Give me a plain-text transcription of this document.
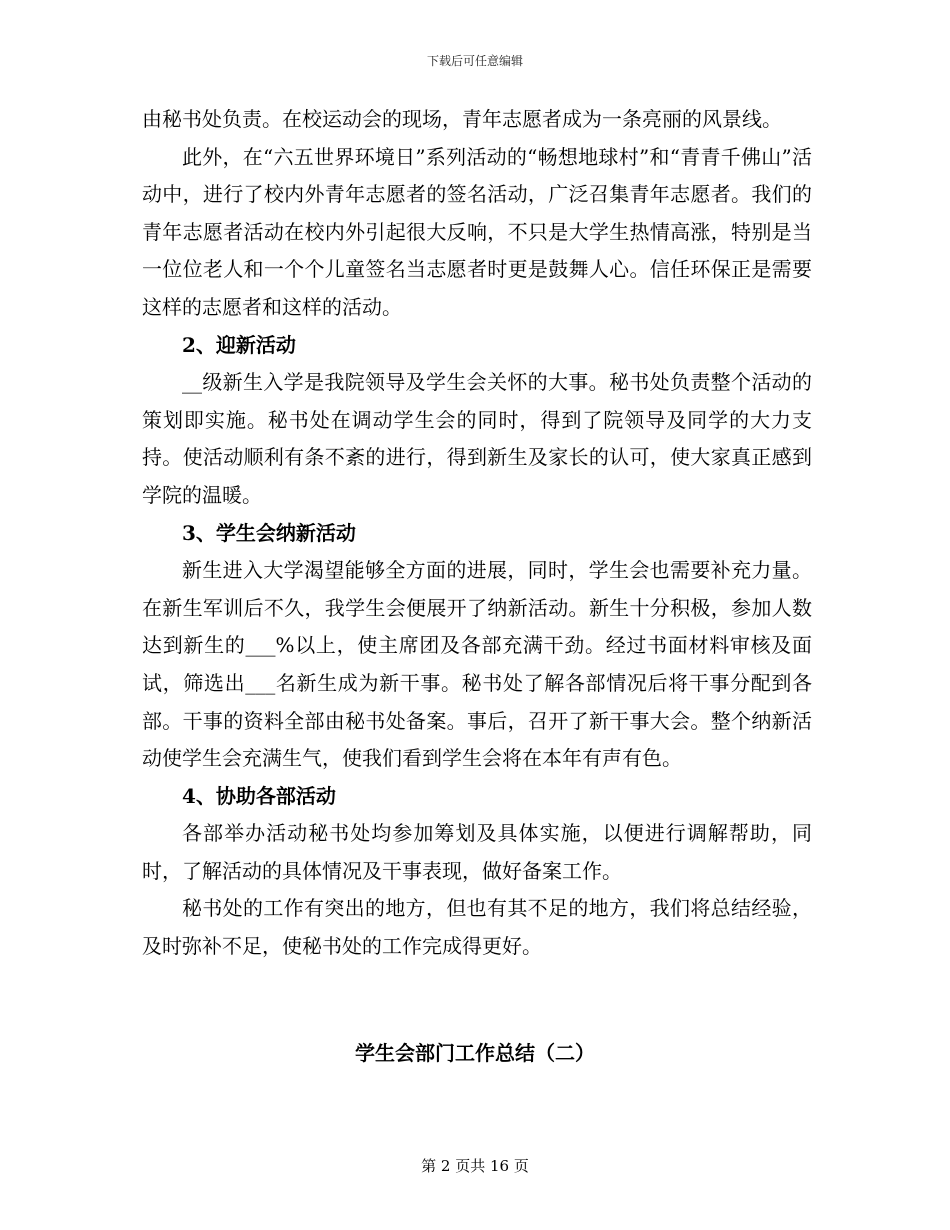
下载后可任意编辑

由秘书处负责。在校运动会的现场，青年志愿者成为一条亮丽的风景线。

此外，在“六五世界环境日”系列活动的“畅想地球村”和“青青千佛山”活动中，进行了校内外青年志愿者的签名活动，广泛召集青年志愿者。我们的青年志愿者活动在校内外引起很大反响，不只是大学生热情高涨，特别是当一位位老人和一个个儿童签名当志愿者时更是鼓舞人心。信任环保正是需要这样的志愿者和这样的活动。

2、迎新活动

__级新生入学是我院领导及学生会关怀的大事。秘书处负责整个活动的策划即实施。秘书处在调动学生会的同时，得到了院领导及同学的大力支持。使活动顺利有条不紊的进行，得到新生及家长的认可，使大家真正感到学院的温暖。

3、学生会纳新活动

新生进入大学渴望能够全方面的进展，同时，学生会也需要补充力量。在新生军训后不久，我学生会便展开了纳新活动。新生十分积极，参加人数达到新生的___%以上，使主席团及各部充满干劲。经过书面材料审核及面试，筛选出___名新生成为新干事。秘书处了解各部情况后将干事分配到各部。干事的资料全部由秘书处备案。事后，召开了新干事大会。整个纳新活动使学生会充满生气，使我们看到学生会将在本年有声有色。

4、协助各部活动

各部举办活动秘书处均参加筹划及具体实施，以便进行调解帮助，同时，了解活动的具体情况及干事表现，做好备案工作。

秘书处的工作有突出的地方，但也有其不足的地方，我们将总结经验，及时弥补不足，使秘书处的工作完成得更好。

学生会部门工作总结（二）
第 2 页共 16 页
